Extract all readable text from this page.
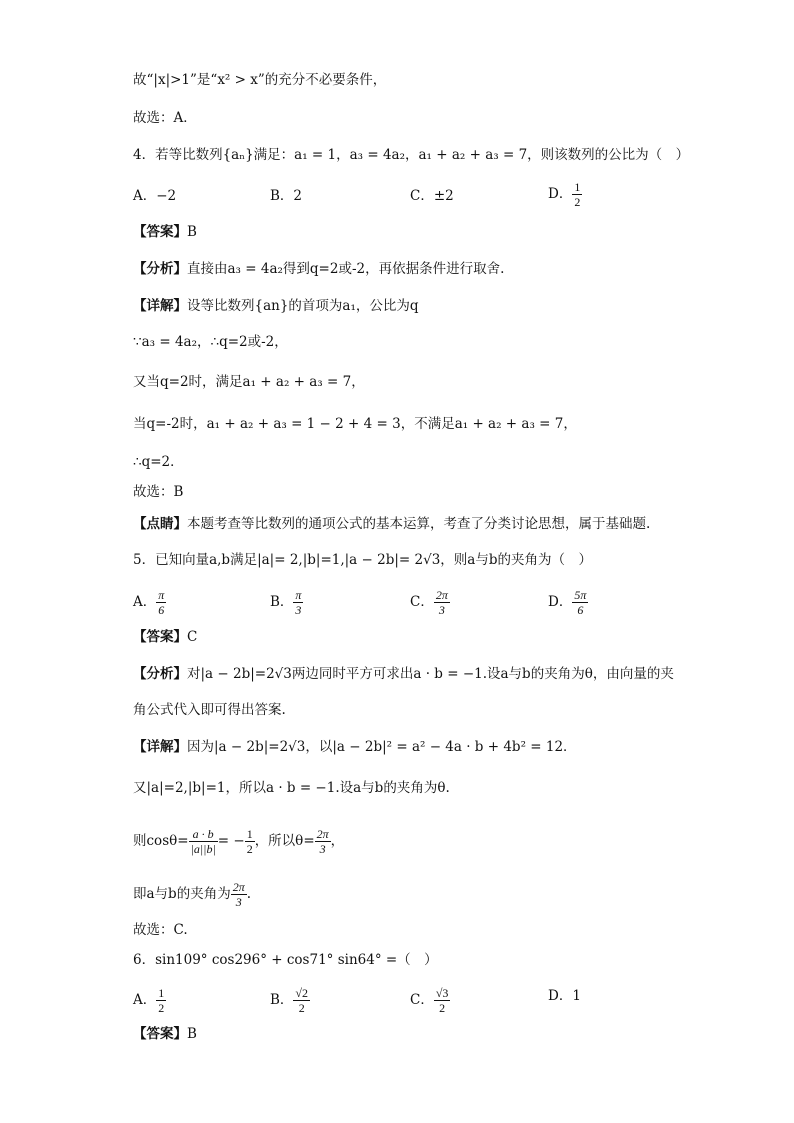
故“|x|>1”是“x² > x”的充分不必要条件，
故选：A．
4．若等比数列{aₙ}满足：a₁ = 1，a₃ = 4a₂，a₁ + a₂ + a₃ = 7，则该数列的公比为（　）
A．−2	B．2	C．±2	D． $\frac{1}{2}$
【答案】B
【分析】直接由a₃ = 4a₂得到q=2或-2，再依据条件进行取舍.
【详解】设等比数列{an}的首项为a₁，公比为q
∵a₃ = 4a₂，∴q=2或-2，
又当q=2时，满足a₁ + a₂ + a₃ = 7，
当q=-2时，a₁ + a₂ + a₃ = 1 − 2 + 4 = 3，不满足a₁ + a₂ + a₃ = 7，
∴q=2．
故选：B
【点睛】本题考查等比数列的通项公式的基本运算，考查了分类讨论思想，属于基础题.
5．已知向量a,b满足|a|= 2,|b|=1,|a − 2b|= 2√3，则a与b的夹角为（　）
A． $\frac{\pi}{6}$	B． $\frac{\pi}{3}$	C． $\frac{2\pi}{3}$	D． $\frac{5\pi}{6}$
【答案】C
【分析】对|a − 2b|=2√3两边同时平方可求出a · b = −1.设a与b的夹角为θ，由向量的夹
角公式代入即可得出答案.
【详解】因为|a − 2b|=2√3，以|a − 2b|² = a² − 4a · b + 4b² = 12．
又|a|=2,|b|=1，所以a · b = −1.设a与b的夹角为θ.
则$\cos\theta= \frac{a \cdot b}{|a||b|}$ = − $\frac{1}{2}$ ，所以$\theta= \frac{2\pi}{3}$ ，
即a与b的夹角为 $\frac{2\pi}{3}$ .
故选：C.
6．sin109° cos296° + cos71° sin64° =（　）
A． $\frac{1}{2}$	B． $\frac{√2}{2}$	C． $\frac{√3}{2}$	D．1
【答案】B
